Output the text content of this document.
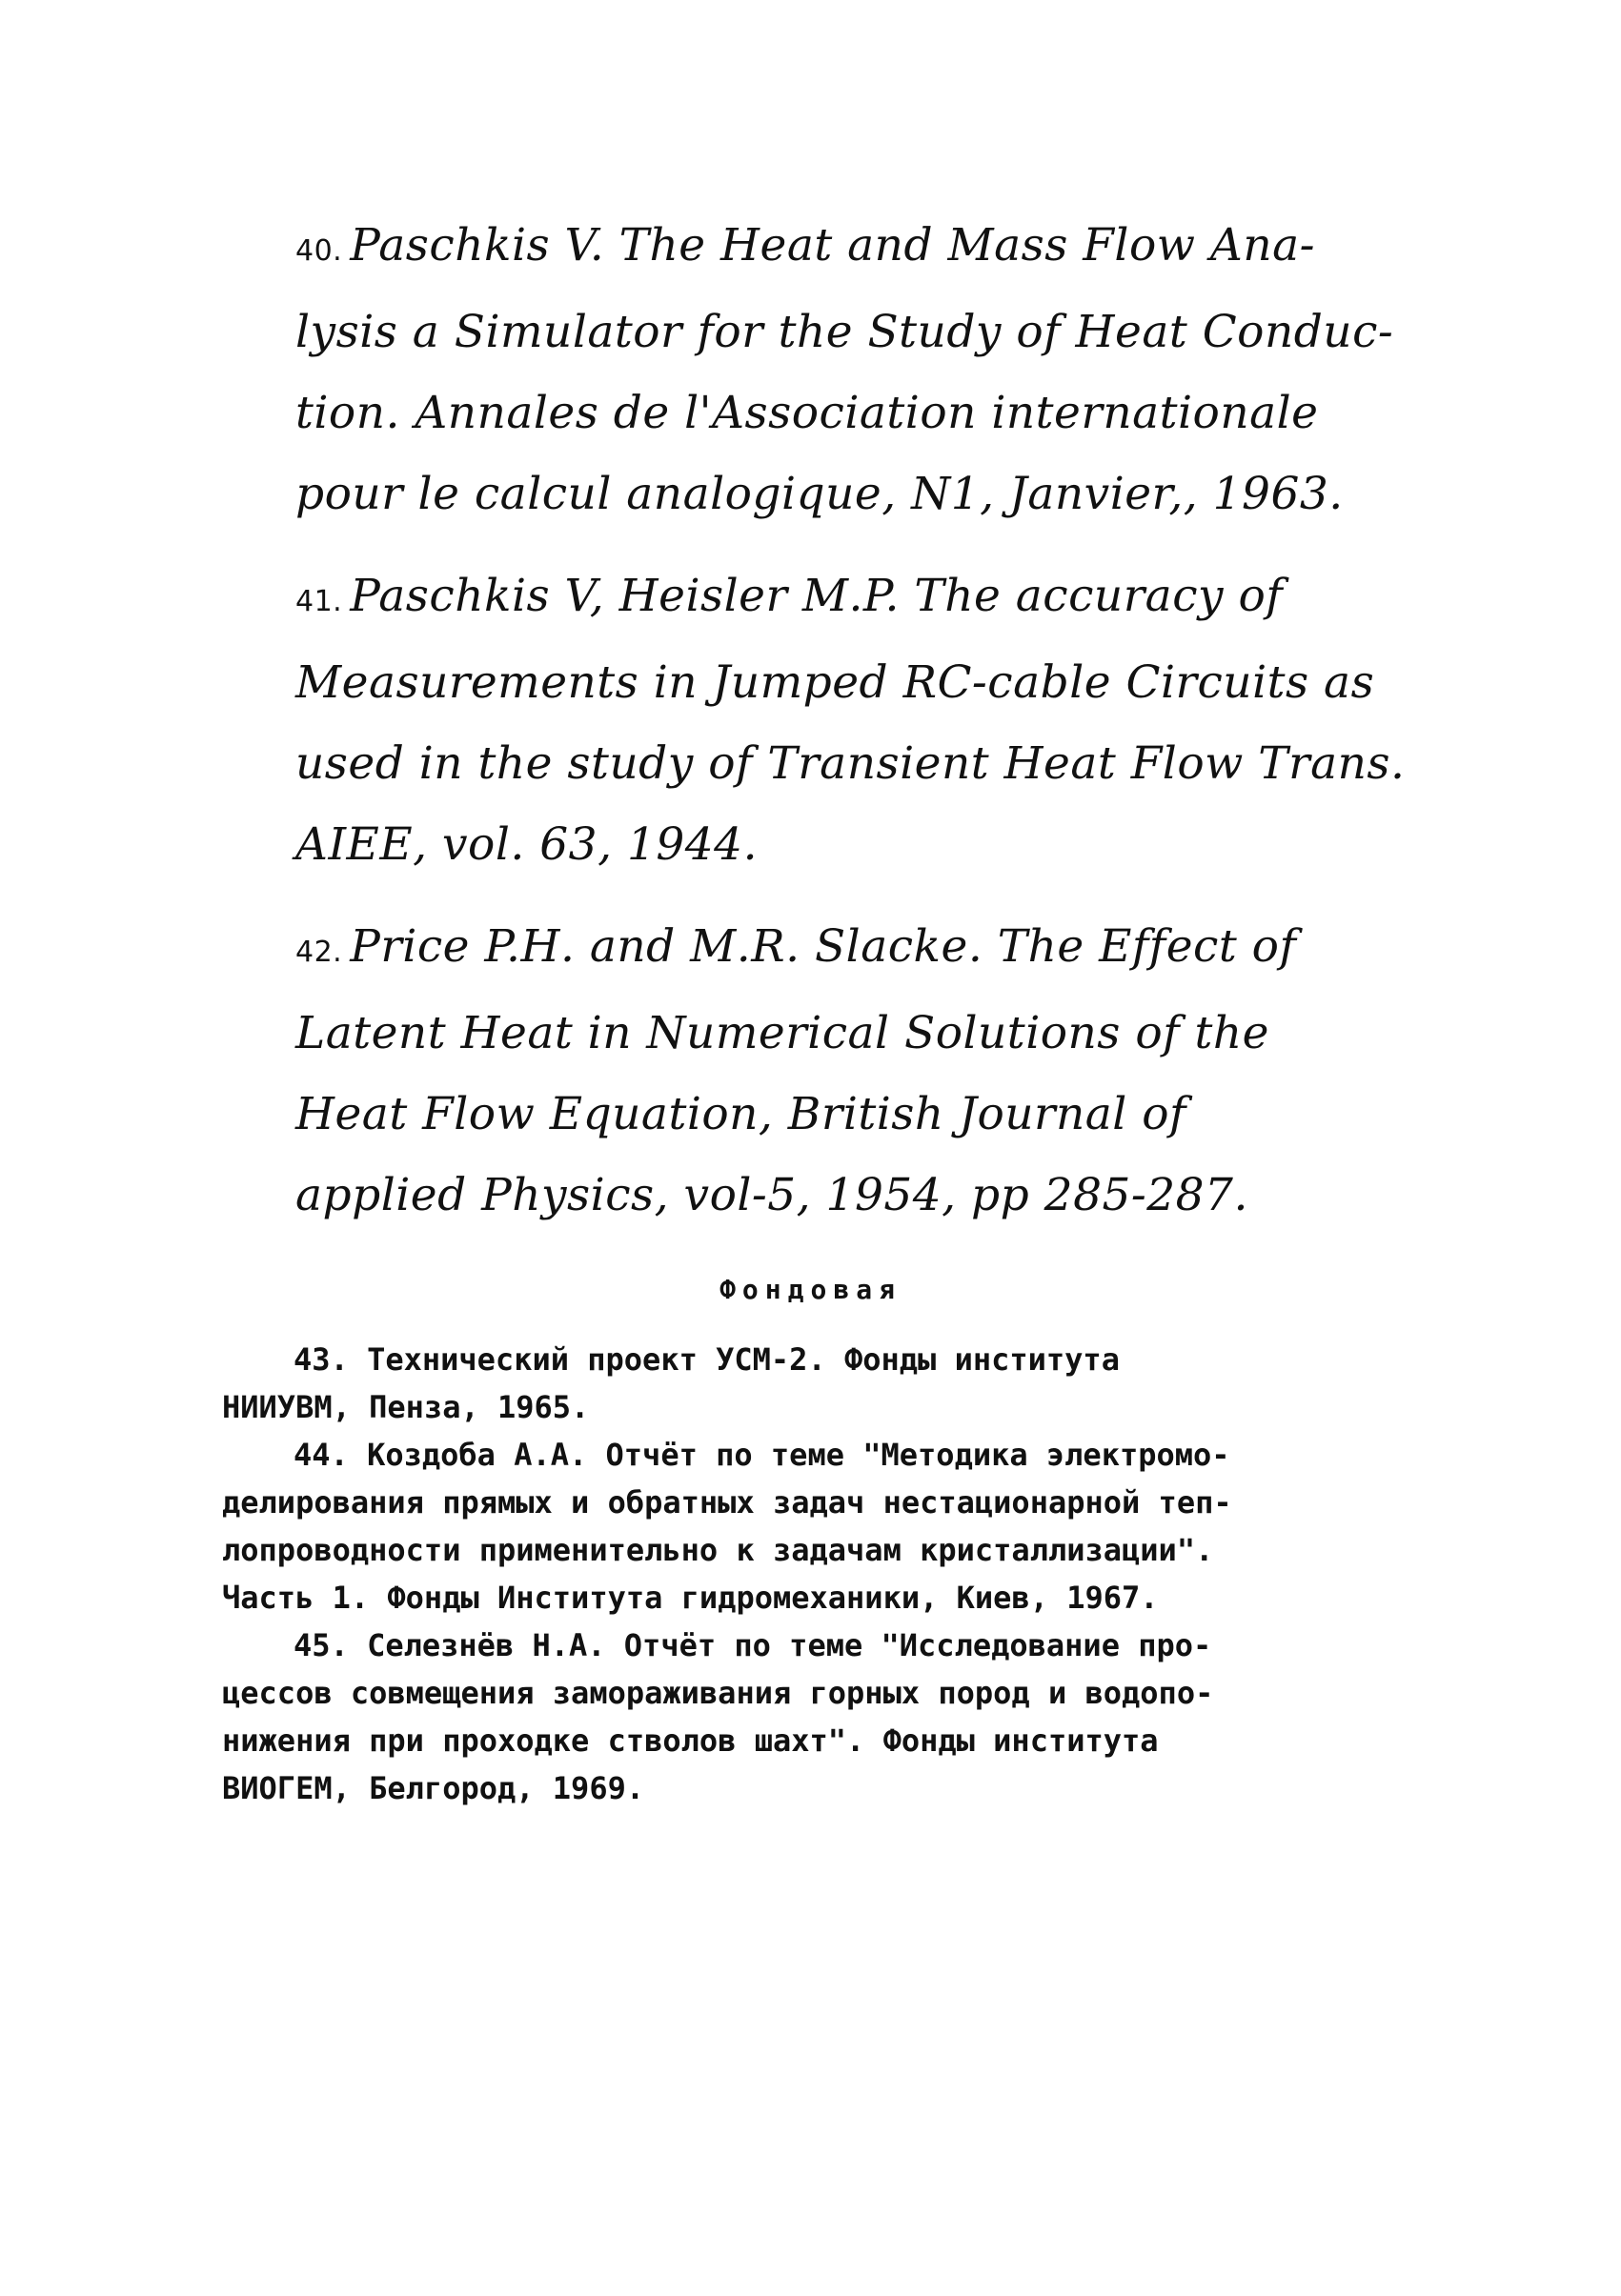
40. Paschkis V. The Heat and Mass Flow Ana-
lysis a Simulator for the Study of Heat Conduc-
tion. Annales de l'Association internationale
pour le calcul analogique, N1, Janvier,, 1963.
41. Paschkis V, Heisler M.P. The accuracy of
Measurements in Jumped RC-cable Circuits as
used in the study of Transient Heat Flow Trans.
AIEE, vol. 63, 1944.
42. Price P.H. and M.R. Slacke. The Effect of
Latent Heat in Numerical Solutions of the
Heat Flow Equation, British Journal of
applied Physics, vol-5, 1954, pp 285-287.
Фондовая
43. Технический проект УСМ-2. Фонды института
НИИУВМ, Пенза, 1965.
44. Коздоба А.А. Отчёт по теме "Методика электромо-
делирования прямых и обратных задач нестационарной теп-
лопроводности применительно к задачам кристаллизации".
Часть 1. Фонды Института гидромеханики, Киев, 1967.
45. Селезнёв Н.А. Отчёт по теме "Исследование про-
цессов совмещения замораживания горных пород и водопо-
нижения при проходке стволов шахт". Фонды института
ВИОГЕМ, Белгород, 1969.
